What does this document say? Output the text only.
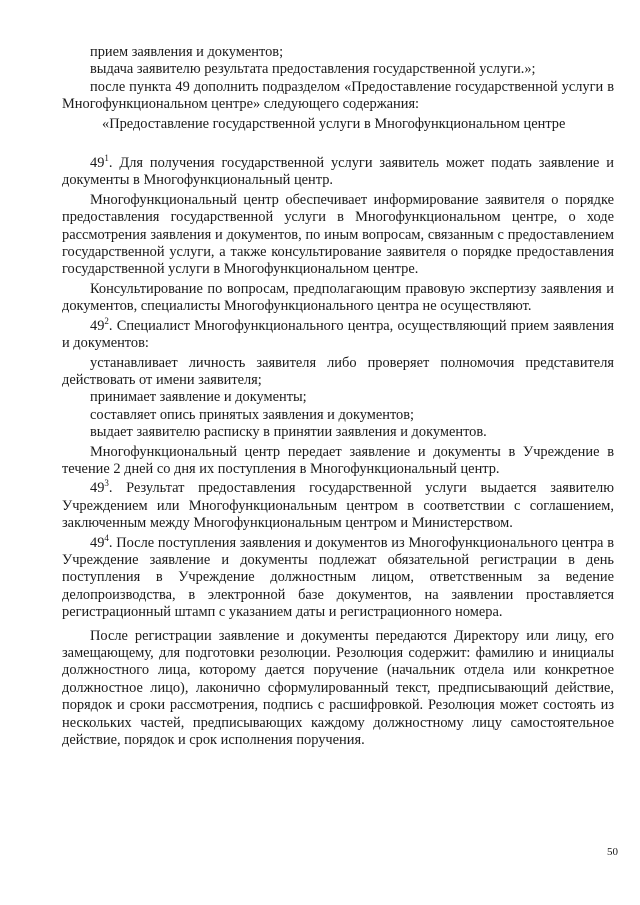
прием заявления и документов;

выдача заявителю результата предоставления государственной услуги.»;

после пункта 49 дополнить подразделом «Предоставление государственной услуги в Многофункциональном центре» следующего содержания:

«Предоставление государственной услуги в Многофункциональном центре

$49^1$. Для получения государственной услуги заявитель может подать заявление и документы в Многофункциональный центр.

Многофункциональный центр обеспечивает информирование заявителя о порядке предоставления государственной услуги в Многофункциональном центре, о ходе рассмотрения заявления и документов, по иным вопросам, связанным с предоставлением государственной услуги, а также консультирование заявителя о порядке предоставления государственной услуги в Многофункциональном центре.

Консультирование по вопросам, предполагающим правовую экспертизу заявления и документов, специалисты Многофункционального центра не осуществляют.

$49^2$. Специалист Многофункционального центра, осуществляющий прием заявления и документов:

устанавливает личность заявителя либо проверяет полномочия представителя действовать от имени заявителя;

принимает заявление и документы;

составляет опись принятых заявления и документов;

выдает заявителю расписку в принятии заявления и документов.

Многофункциональный центр передает заявление и документы в Учреждение в течение 2 дней со дня их поступления в Многофункциональный центр.

$49^3$. Результат предоставления государственной услуги выдается заявителю Учреждением или Многофункциональным центром в соответствии с соглашением, заключенным между Многофункциональным центром и Министерством.

$49^4$. После поступления заявления и документов из Многофункционального центра в Учреждение заявление и документы подлежат обязательной регистрации в день поступления в Учреждение должностным лицом, ответственным за ведение делопроизводства, в электронной базе документов, на заявлении проставляется регистрационный штамп с указанием даты и регистрационного номера.

После регистрации заявление и документы передаются Директору или лицу, его замещающему, для подготовки резолюции. Резолюция содержит: фамилию и инициалы должностного лица, которому дается поручение (начальник отдела или конкретное должностное лицо), лаконично сформулированный текст, предписывающий действие, порядок и сроки рассмотрения, подпись с расшифровкой. Резолюция может состоять из нескольких частей, предписывающих каждому должностному лицу самостоятельное действие, порядок и срок исполнения поручения.

50
